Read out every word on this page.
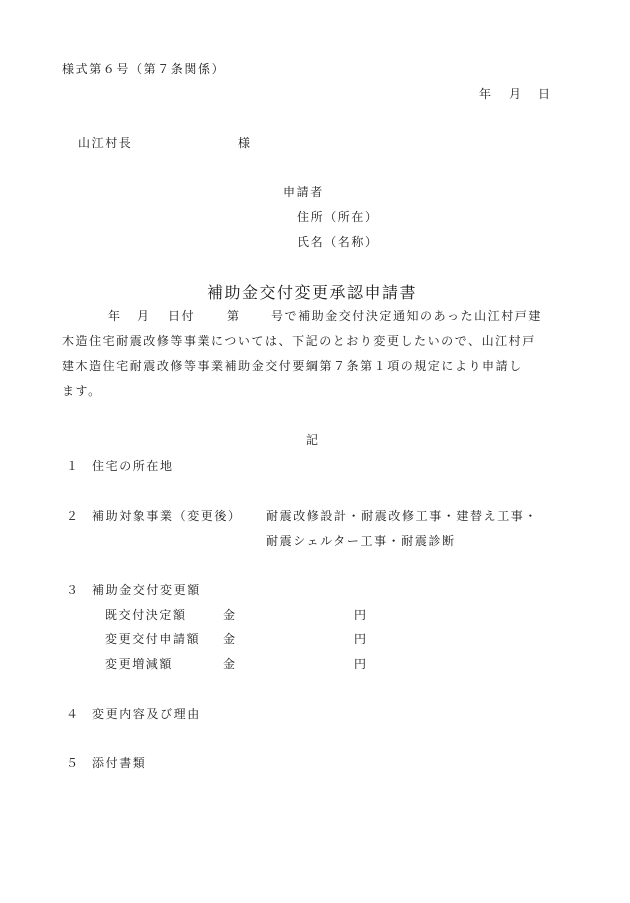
様式第６号（第７条関係）
年 月 日
山江村長	様
申請者
住所（所在）
氏名（名称）
補助金交付変更承認申請書
年 月 日付	第	号で補助金交付決定通知のあった山江村戸建
木造住宅耐震改修等事業については、下記のとおり変更したいので、山江村戸
建木造住宅耐震改修等事業補助金交付要綱第７条第１項の規定により申請し
ます。
記
１ 住宅の所在地
２ 補助対象事業（変更後） 耐震改修設計・耐震改修工事・建替え工事・
耐震シェルター工事・耐震診断
３ 補助金交付変更額
既交付決定額	金	円
変更交付申請額 金	円
変更増減額	金	円
４ 変更内容及び理由
５ 添付書類
